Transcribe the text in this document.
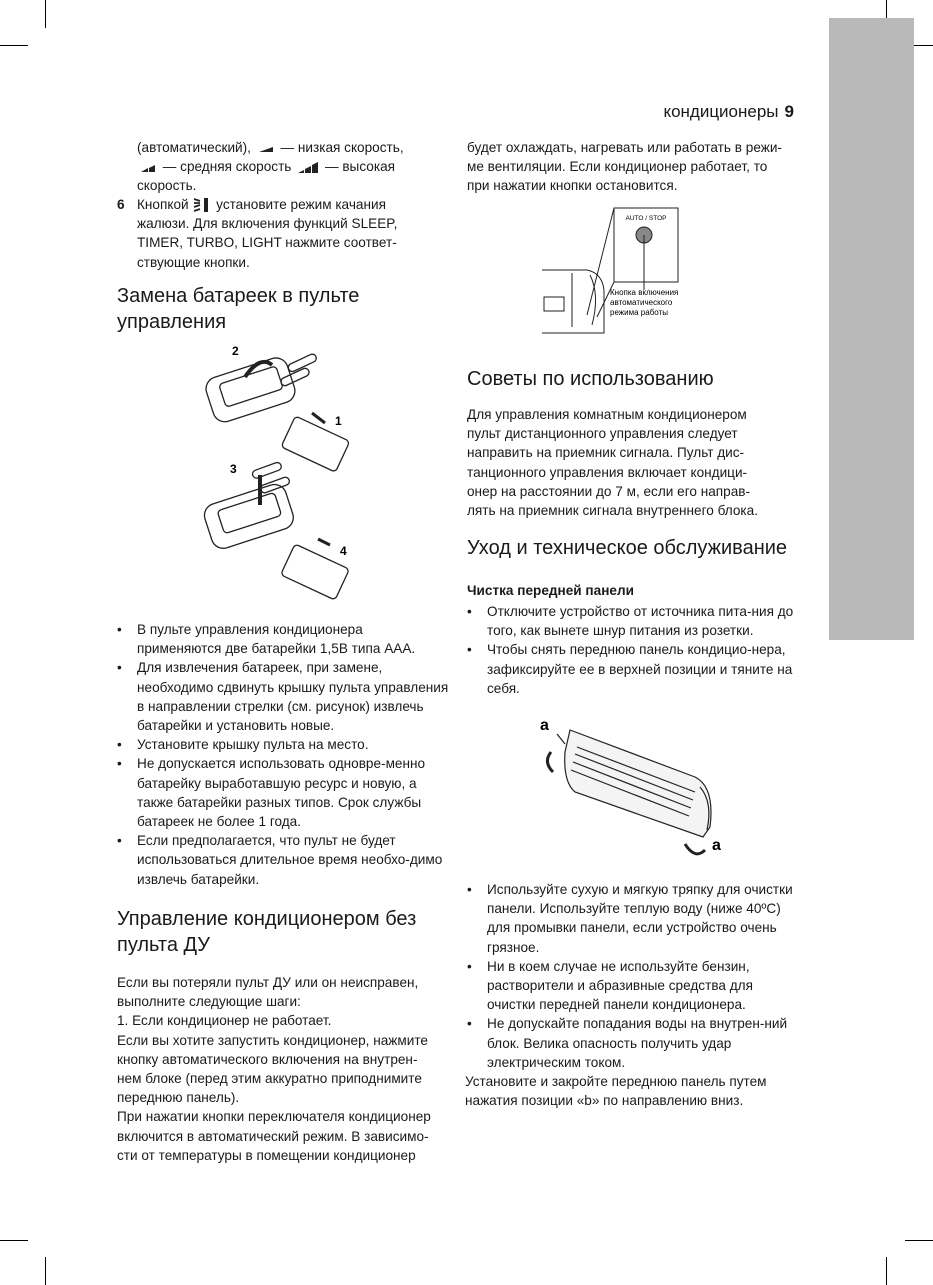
кондиционеры 9

(автоматический), — низкая скорость,

— средняя скорость — высокая

скорость.

6 Кнопкой установите режим качания

жалюзи. Для включения функций SLEEP,

TIMER, TURBO, LIGHT нажмите соответ-

ствующие кнопки.

Замена батареек в пульте
управления
2
1
3
4
• В пульте управления кондиционера применяются две батарейки 1,5В типа ААА.
• Для извлечения батареек, при замене, необходимо сдвинуть крышку пульта управления в направлении стрелки (см. рисунок) извлечь батарейки и установить новые.
• Установите крышку пульта на место.
• Не допускается использовать одновре-менно батарейку выработавшую ресурс и новую, а также батарейки разных типов. Срок службы батареек не более 1 года.
• Если предполагается, что пульт не будет использоваться длительное время необхо-димо извлечь батарейки.
Управление кондиционером без
пульта ДУ

Если вы потеряли пульт ДУ или он неисправен,

выполните следующие шаги:

1. Если кондиционер не работает.

Если вы хотите запустить кондиционер, нажмите

кнопку автоматического включения на внутрен-

нем блоке (перед этим аккуратно приподнимите

переднюю панель).

При нажатии кнопки переключателя кондиционер

включится в автоматический режим. В зависимо-

сти от температуры в помещении кондиционер

будет охлаждать, нагревать или работать в режи-

ме вентиляции. Если кондиционер работает, то

при нажатии кнопки остановится.

AUTO / STOP
Кнопка включения
автоматического
режима работы
Советы по использованию

Для управления комнатным кондиционером

пульт дистанционного управления следует

направить на приемник сигнала. Пульт дис-

танционного управления включает кондици-

онер на расстоянии до 7 м, если его направ-

лять на приемник сигнала внутреннего блока.

Уход и техническое обслуживание
Чистка передней панели
• Отключите устройство от источника пита-ния до того, как вынете шнур питания из розетки.
• Чтобы снять переднюю панель кондицио-нера, зафиксируйте ее в верхней позиции и тяните на себя.
a
a
• Используйте сухую и мягкую тряпку для очистки панели. Используйте теплую воду (ниже 40ºС) для промывки панели, если устройство очень грязное.
• Ни в коем случае не используйте бензин, растворители и абразивные средства для очистки передней панели кондиционера.
• Не допускайте попадания воды на внутрен-ний блок. Велика опасность получить удар электрическим током.

Установите и закройте переднюю панель путем

нажатия позиции «b» по направлению вниз.
